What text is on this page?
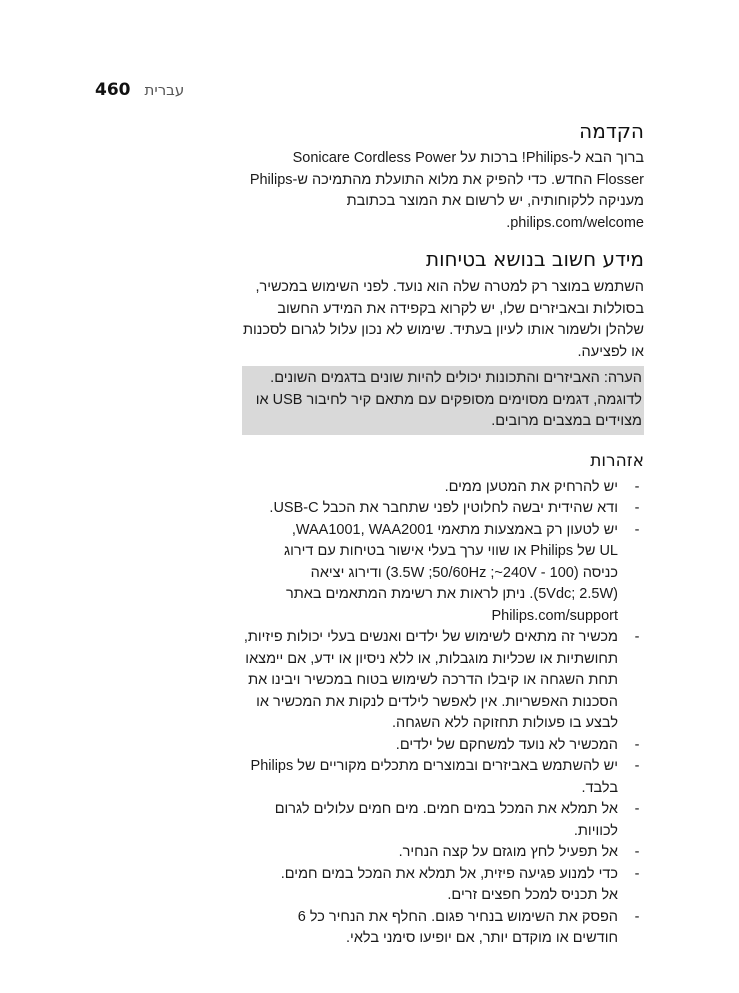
460 עברית
הקדמה

ברוך הבא ל-Philips! ברכות על Sonicare Cordless Power Flosser החדש. כדי להפיק את מלוא התועלת מהתמיכה ש-Philips מעניקה ללקוחותיה, יש לרשום את המוצר בכתובת philips.com/welcome.

מידע חשוב בנושא בטיחות

השתמש במוצר רק למטרה שלה הוא נועד. לפני השימוש במכשיר, בסוללות ובאביזרים שלו, יש לקרוא בקפידה את המידע החשוב שלהלן ולשמור אותו לעיון בעתיד. שימוש לא נכון עלול לגרום לסכנות או לפציעה.

הערה: האביזרים והתכונות יכולים להיות שונים בדגמים השונים. לדוגמה, דגמים מסוימים מסופקים עם מתאם קיר לחיבור USB או מצוידים במצבים מרובים.

אזהרות
-
יש להרחיק את המטען ממים.
-
ודא שהידית יבשה לחלוטין לפני שתחבר את הכבל USB-C.
-
יש לטעון רק באמצעות מתאמי WAA1001, WAA2001,
UL של Philips או שווי ערך בעלי אישור בטיחות עם דירוג
כניסה (100 - 3.5W ;50/60Hz ;~240V) ודירוג יציאה
(5Vdc; 2.5W). ניתן לראות את רשימת המתאמים באתר
Philips.com/support
-
מכשיר זה מתאים לשימוש של ילדים ואנשים בעלי יכולות פיזיות, תחושתיות או שכליות מוגבלות, או ללא ניסיון או ידע, אם יימצאו תחת השגחה או קיבלו הדרכה לשימוש בטוח במכשיר ויבינו את הסכנות האפשריות. אין לאפשר לילדים לנקות את המכשיר או לבצע בו פעולות תחזוקה ללא השגחה.
-
המכשיר לא נועד למשחקם של ילדים.
-
יש להשתמש באביזרים ובמוצרים מתכלים מקוריים של Philips בלבד.
-
אל תמלא את המכל במים חמים. מים חמים עלולים לגרום לכוויות.
-
אל תפעיל לחץ מוגזם על קצה הנחיר.
-
כדי למנוע פגיעה פיזית, אל תמלא את המכל במים חמים.
אל תכניס למכל חפצים זרים.
-
הפסק את השימוש בנחיר פגום. החלף את הנחיר כל 6
חודשים או מוקדם יותר, אם יופיעו סימני בלאי.
